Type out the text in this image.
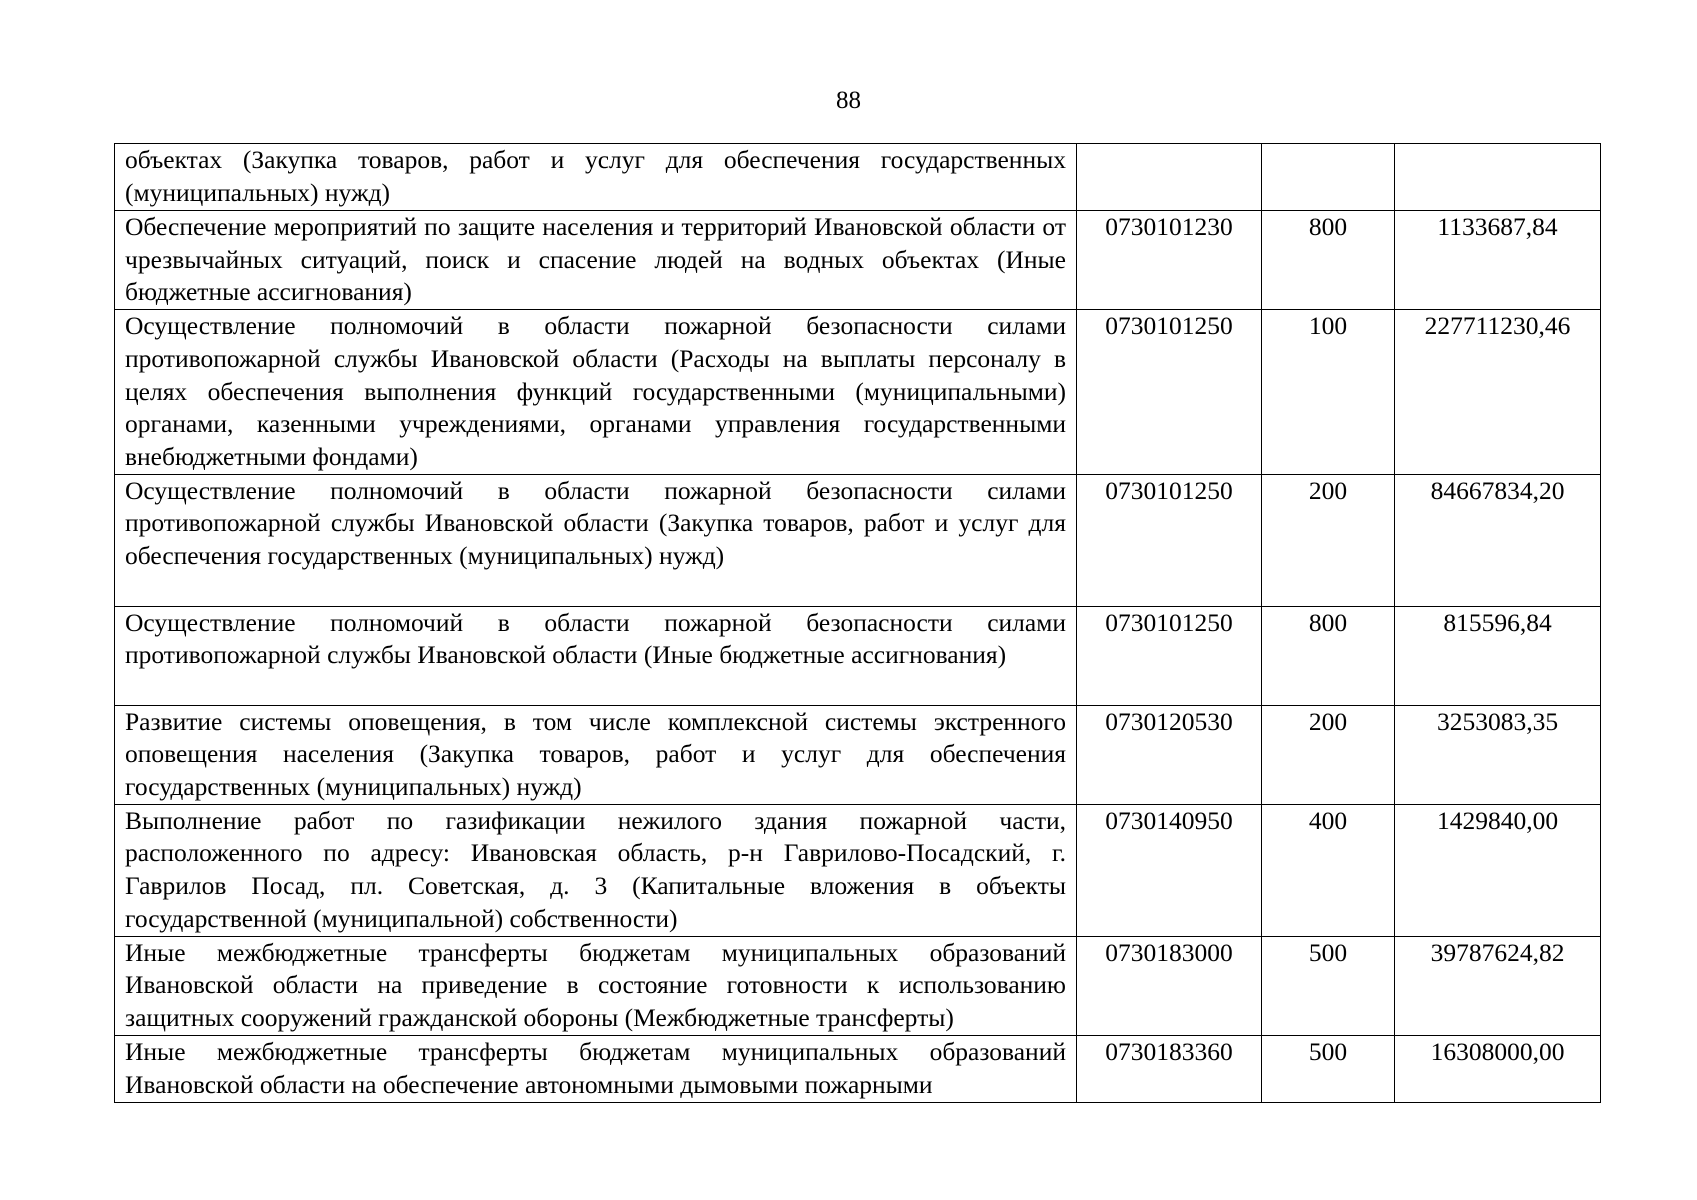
88
объектах (Закупка товаров, работ и услуг для обеспечения государственных (муниципальных) нужд)			

Обеспечение мероприятий по защите населения и территорий Ивановской области от чрезвычайных ситуаций, поиск и спасение людей на водных объектах (Иные бюджетные ассигнования)	0730101230	800	1133687,84

Осуществление полномочий в области пожарной безопасности силами противопожарной службы Ивановской области (Расходы на выплаты персоналу в целях обеспечения выполнения функций государственными (муниципальными) органами, казенными учреждениями, органами управления государственными внебюджетными фондами)	0730101250	100	227711230,46

Осуществление полномочий в области пожарной безопасности силами противопожарной службы Ивановской области (Закупка товаров, работ и услуг для обеспечения государственных (муниципальных) нужд)	0730101250	200	84667834,20

Осуществление полномочий в области пожарной безопасности силами противопожарной службы Ивановской области (Иные бюджетные ассигнования)	0730101250	800	815596,84

Развитие системы оповещения, в том числе комплексной системы экстренного оповещения населения (Закупка товаров, работ и услуг для обеспечения государственных (муниципальных) нужд)	0730120530	200	3253083,35

Выполнение работ по газификации нежилого здания пожарной части, расположенного по адресу: Ивановская область, р-н Гаврилово-Посадский, г. Гаврилов Посад, пл. Советская, д. 3 (Капитальные вложения в объекты государственной (муниципальной) собственности)	0730140950	400	1429840,00

Иные межбюджетные трансферты бюджетам муниципальных образований Ивановской области на приведение в состояние готовности к использованию защитных сооружений гражданской обороны (Межбюджетные трансферты)	0730183000	500	39787624,82

Иные межбюджетные трансферты бюджетам муниципальных образований Ивановской области на обеспечение автономными дымовыми пожарными	0730183360	500	16308000,00
